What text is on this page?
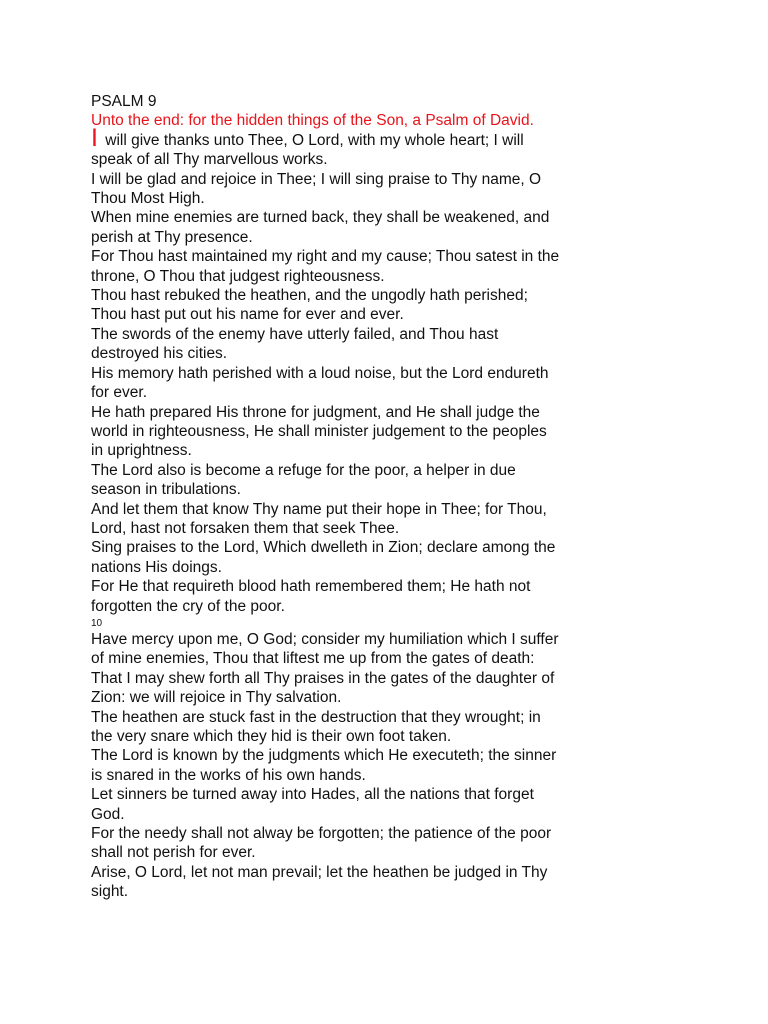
PSALM 9
Unto the end: for the hidden things of the Son, a Psalm of David.
I will give thanks unto Thee, O Lord, with my whole heart; I will speak of all Thy marvellous works.
I will be glad and rejoice in Thee; I will sing praise to Thy name, O Thou Most High.
When mine enemies are turned back, they shall be weakened, and perish at Thy presence.
For Thou hast maintained my right and my cause; Thou satest in the throne, O Thou that judgest righteousness.
Thou hast rebuked the heathen, and the ungodly hath perished; Thou hast put out his name for ever and ever.
The swords of the enemy have utterly failed, and Thou hast destroyed his cities.
His memory hath perished with a loud noise, but the Lord endureth for ever.
He hath prepared His throne for judgment, and He shall judge the world in righteousness, He shall minister judgement to the peoples in uprightness.
The Lord also is become a refuge for the poor, a helper in due season in tribulations.
And let them that know Thy name put their hope in Thee; for Thou, Lord, hast not forsaken them that seek Thee.
Sing praises to the Lord, Which dwelleth in Zion; declare among the nations His doings.
For He that requireth blood hath remembered them; He hath not forgotten the cry of the poor.
10
Have mercy upon me, O God; consider my humiliation which I suffer of mine enemies, Thou that liftest me up from the gates of death:
That I may shew forth all Thy praises in the gates of the daughter of Zion: we will rejoice in Thy salvation.
The heathen are stuck fast in the destruction that they wrought; in the very snare which they hid is their own foot taken.
The Lord is known by the judgments which He executeth; the sinner is snared in the works of his own hands.
Let sinners be turned away into Hades, all the nations that forget God.
For the needy shall not alway be forgotten; the patience of the poor shall not perish for ever.
Arise, O Lord, let not man prevail; let the heathen be judged in Thy sight.
